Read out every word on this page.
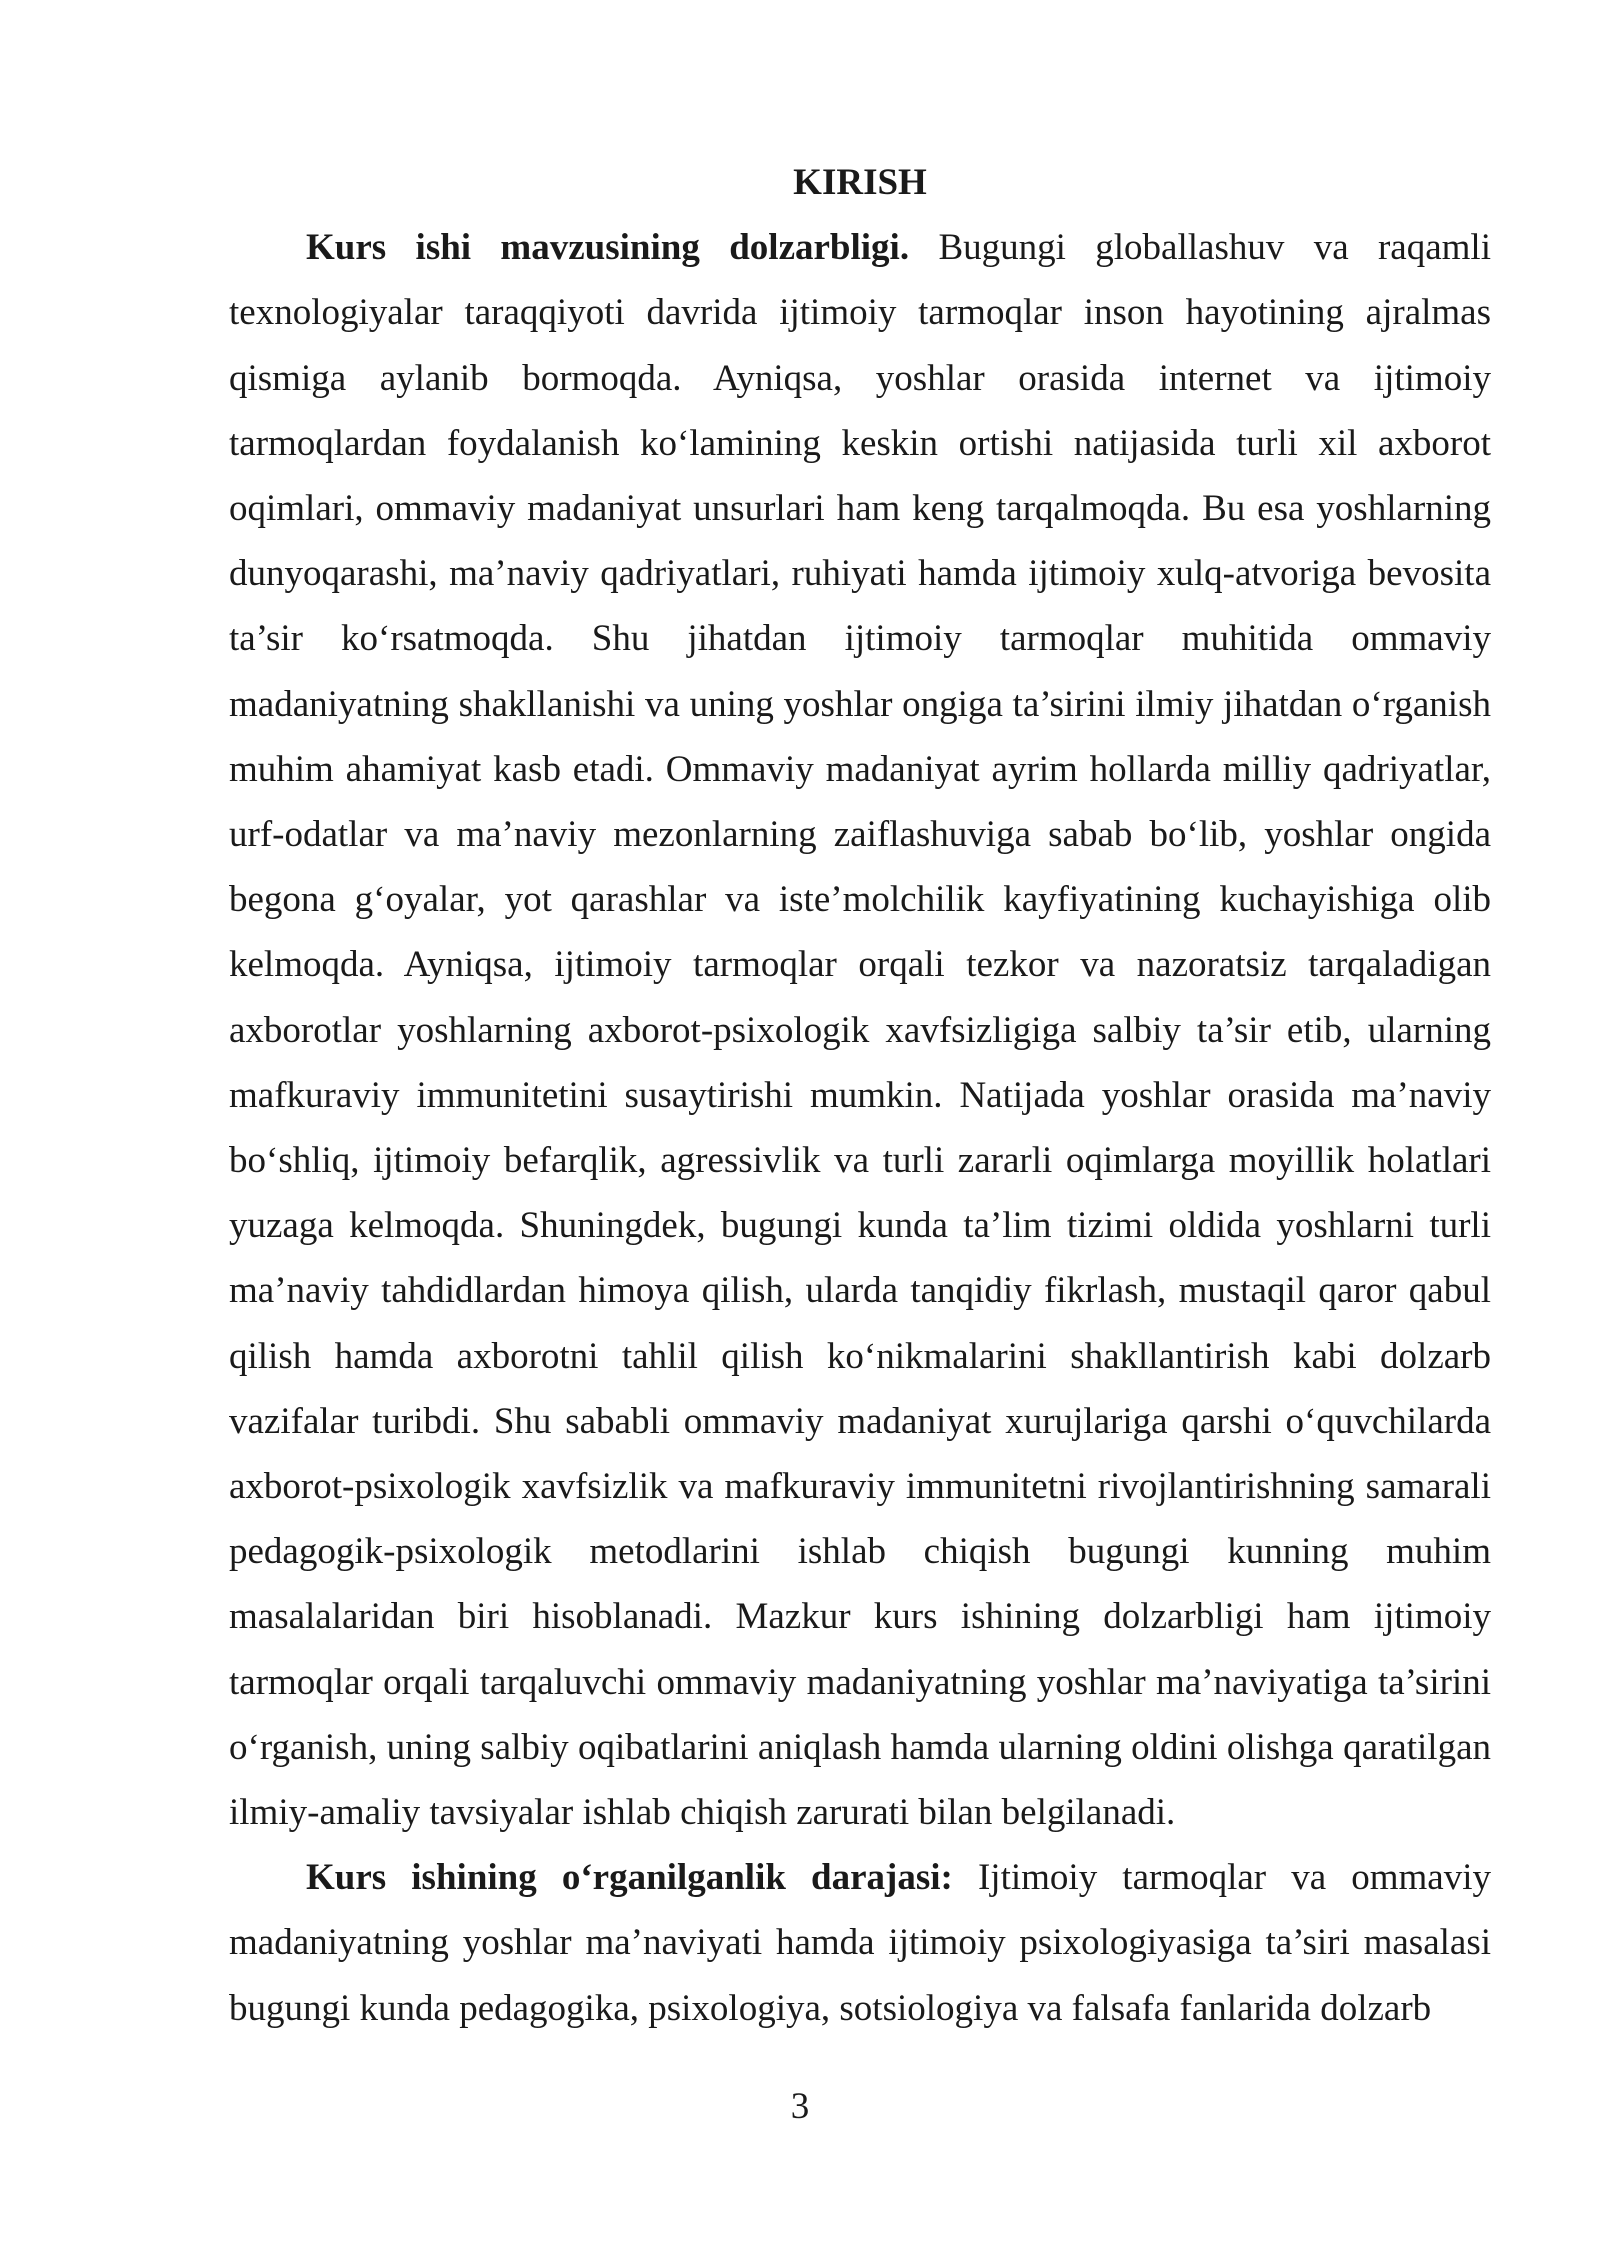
KIRISH

Kurs ishi mavzusining dolzarbligi. Bugungi globallashuv va raqamli texnologiyalar taraqqiyoti davrida ijtimoiy tarmoqlar inson hayotining ajralmas qismiga aylanib bormoqda. Ayniqsa, yoshlar orasida internet va ijtimoiy tarmoqlardan foydalanish ko‘lamining keskin ortishi natijasida turli xil axborot oqimlari, ommaviy madaniyat unsurlari ham keng tarqalmoqda. Bu esa yoshlarning dunyoqarashi, ma’naviy qadriyatlari, ruhiyati hamda ijtimoiy xulq-atvoriga bevosita ta’sir ko‘rsatmoqda. Shu jihatdan ijtimoiy tarmoqlar muhitida ommaviy madaniyatning shakllanishi va uning yoshlar ongiga ta’sirini ilmiy jihatdan o‘rganish muhim ahamiyat kasb etadi. Ommaviy madaniyat ayrim hollarda milliy qadriyatlar, urf-odatlar va ma’naviy mezonlarning zaiflashuviga sabab bo‘lib, yoshlar ongida begona g‘oyalar, yot qarashlar va iste’molchilik kayfiyatining kuchayishiga olib kelmoqda. Ayniqsa, ijtimoiy tarmoqlar orqali tezkor va nazoratsiz tarqaladigan axborotlar yoshlarning axborot-psixologik xavfsizligiga salbiy ta’sir etib, ularning mafkuraviy immunitetini susaytirishi mumkin. Natijada yoshlar orasida ma’naviy bo‘shliq, ijtimoiy befarqlik, agressivlik va turli zararli oqimlarga moyillik holatlari yuzaga kelmoqda. Shuningdek, bugungi kunda ta’lim tizimi oldida yoshlarni turli ma’naviy tahdidlardan himoya qilish, ularda tanqidiy fikrlash, mustaqil qaror qabul qilish hamda axborotni tahlil qilish ko‘nikmalarini shakllantirish kabi dolzarb vazifalar turibdi. Shu sababli ommaviy madaniyat xurujlariga qarshi o‘quvchilarda axborot-psixologik xavfsizlik va mafkuraviy immunitetni rivojlantirishning samarali pedagogik-psixologik metodlarini ishlab chiqish bugungi kunning muhim masalalaridan biri hisoblanadi. Mazkur kurs ishining dolzarbligi ham ijtimoiy tarmoqlar orqali tarqaluvchi ommaviy madaniyatning yoshlar ma’naviyatiga ta’sirini o‘rganish, uning salbiy oqibatlarini aniqlash hamda ularning oldini olishga qaratilgan ilmiy-amaliy tavsiyalar ishlab chiqish zarurati bilan belgilanadi.

Kurs ishining o‘rganilganlik darajasi: Ijtimoiy tarmoqlar va ommaviy madaniyatning yoshlar ma’naviyati hamda ijtimoiy psixologiyasiga ta’siri masalasi bugungi kunda pedagogika, psixologiya, sotsiologiya va falsafa fanlarida dolzarb

3
